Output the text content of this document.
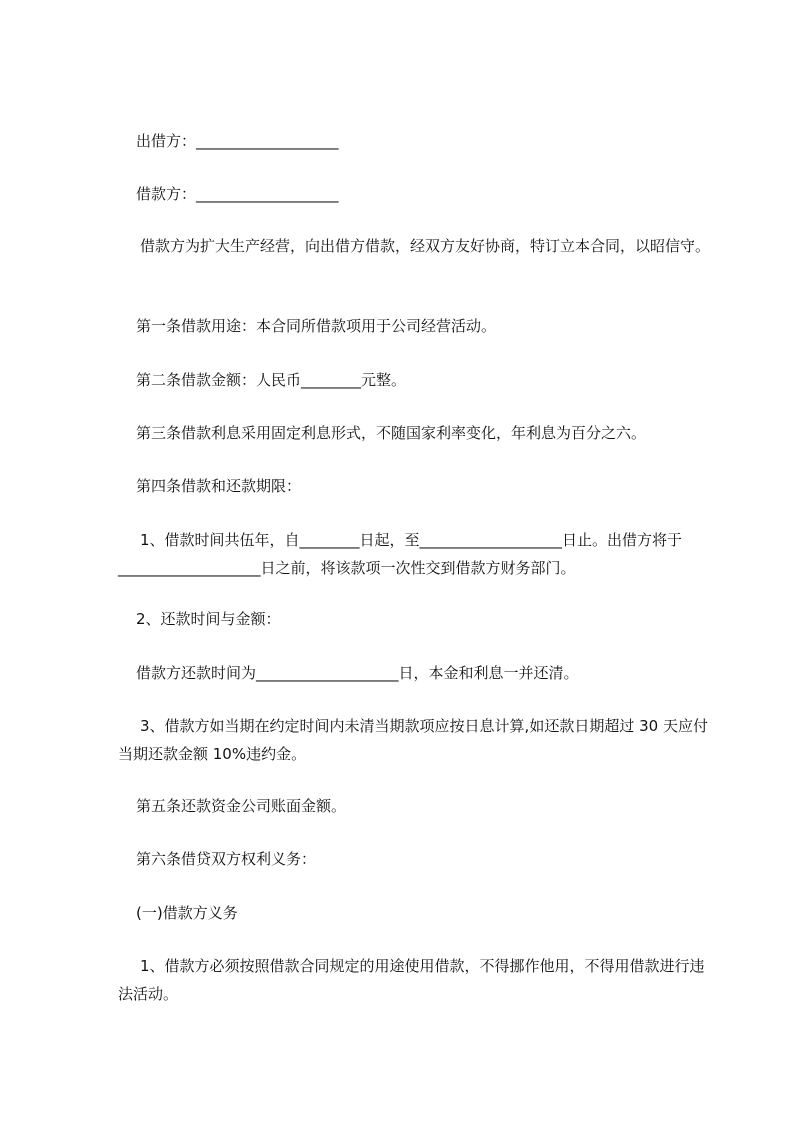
出借方：___________________

借款方：___________________

借款方为扩大生产经营，向出借方借款，经双方友好协商，特订立本合同，以昭信守。

第一条借款用途：本合同所借款项用于公司经营活动。

第二条借款金额：人民币________元整。

第三条借款利息采用固定利息形式，不随国家利率变化，年利息为百分之六。

第四条借款和还款期限：

1、借款时间共伍年，自________日起，至___________________日止。出借方将于___________________日之前，将该款项一次性交到借款方财务部门。

2、还款时间与金额：

借款方还款时间为___________________日，本金和利息一并还清。

3、借款方如当期在约定时间内未清当期款项应按日息计算,如还款日期超过 30 天应付当期还款金额 10%违约金。

第五条还款资金公司账面金额。

第六条借贷双方权利义务：

(一)借款方义务

1、借款方必须按照借款合同规定的用途使用借款，不得挪作他用，不得用借款进行违法活动。
